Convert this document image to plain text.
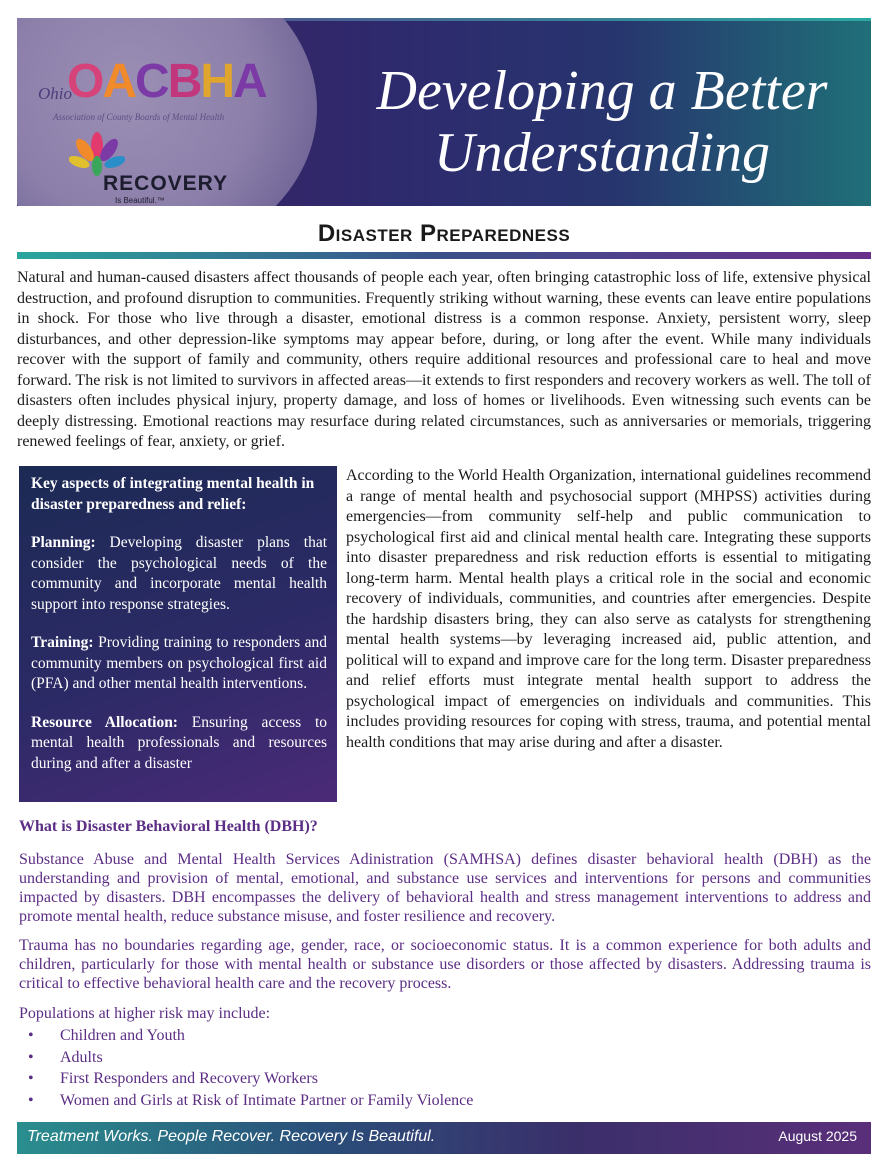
Ohio
OACBHA
Association of County Boards of Mental Health
RECOVERY
Is Beautiful.™
Developing a Better
Understanding
Disaster Preparedness
Natural and human-caused disasters affect thousands of people each year, often bringing catastrophic loss of life, extensive physical destruction, and profound disruption to communities. Frequently striking without warning, these events can leave entire populations in shock. For those who live through a disaster, emotional distress is a common response. Anxiety, persistent worry, sleep disturbances, and other depression-like symptoms may appear before, during, or long after the event. While many individuals recover with the support of family and community, others require additional resources and professional care to heal and move forward. The risk is not limited to survivors in affected areas—it extends to first responders and recovery workers as well. The toll of disasters often includes physical injury, property damage, and loss of homes or livelihoods. Even witnessing such events can be deeply distressing. Emotional reactions may resurface during related circumstances, such as anniversaries or memorials, triggering renewed feelings of fear, anxiety, or grief.
Key aspects of integrating mental health in disaster preparedness and relief:

Planning: Developing disaster plans that consider the psychological needs of the community and incorporate mental health support into response strategies.

Training: Providing training to responders and community members on psychological first aid (PFA) and other mental health interventions.

Resource Allocation: Ensuring access to mental health professionals and resources during and after a disaster

According to the World Health Organization, international guidelines recommend a range of mental health and psychosocial support (MHPSS) activities during emergencies—from community self-help and public communication to psychological first aid and clinical mental health care. Integrating these supports into disaster preparedness and risk reduction efforts is essential to mitigating long-term harm. Mental health plays a critical role in the social and economic recovery of individuals, communities, and countries after emergencies. Despite the hardship disasters bring, they can also serve as catalysts for strengthening mental health systems—by leveraging increased aid, public attention, and political will to expand and improve care for the long term. Disaster preparedness and relief efforts must integrate mental health support to address the psychological impact of emergencies on individuals and communities. This includes providing resources for coping with stress, trauma, and potential mental health conditions that may arise during and after a disaster.
What is Disaster Behavioral Health (DBH)?
Substance Abuse and Mental Health Services Adinistration (SAMHSA) defines disaster behavioral health (DBH) as the understanding and provision of mental, emotional, and substance use services and interventions for persons and communities impacted by disasters. DBH encompasses the delivery of behavioral health and stress management interventions to address and promote mental health, reduce substance misuse, and foster resilience and recovery.
Trauma has no boundaries regarding age, gender, race, or socioeconomic status. It is a common experience for both adults and children, particularly for those with mental health or substance use disorders or those affected by disasters. Addressing trauma is critical to effective behavioral health care and the recovery process.
Populations at higher risk may include:
• Children and Youth
• Adults
• First Responders and Recovery Workers
• Women and Girls at Risk of Intimate Partner or Family Violence
Treatment Works. People Recover. Recovery Is Beautiful.	August 2025
